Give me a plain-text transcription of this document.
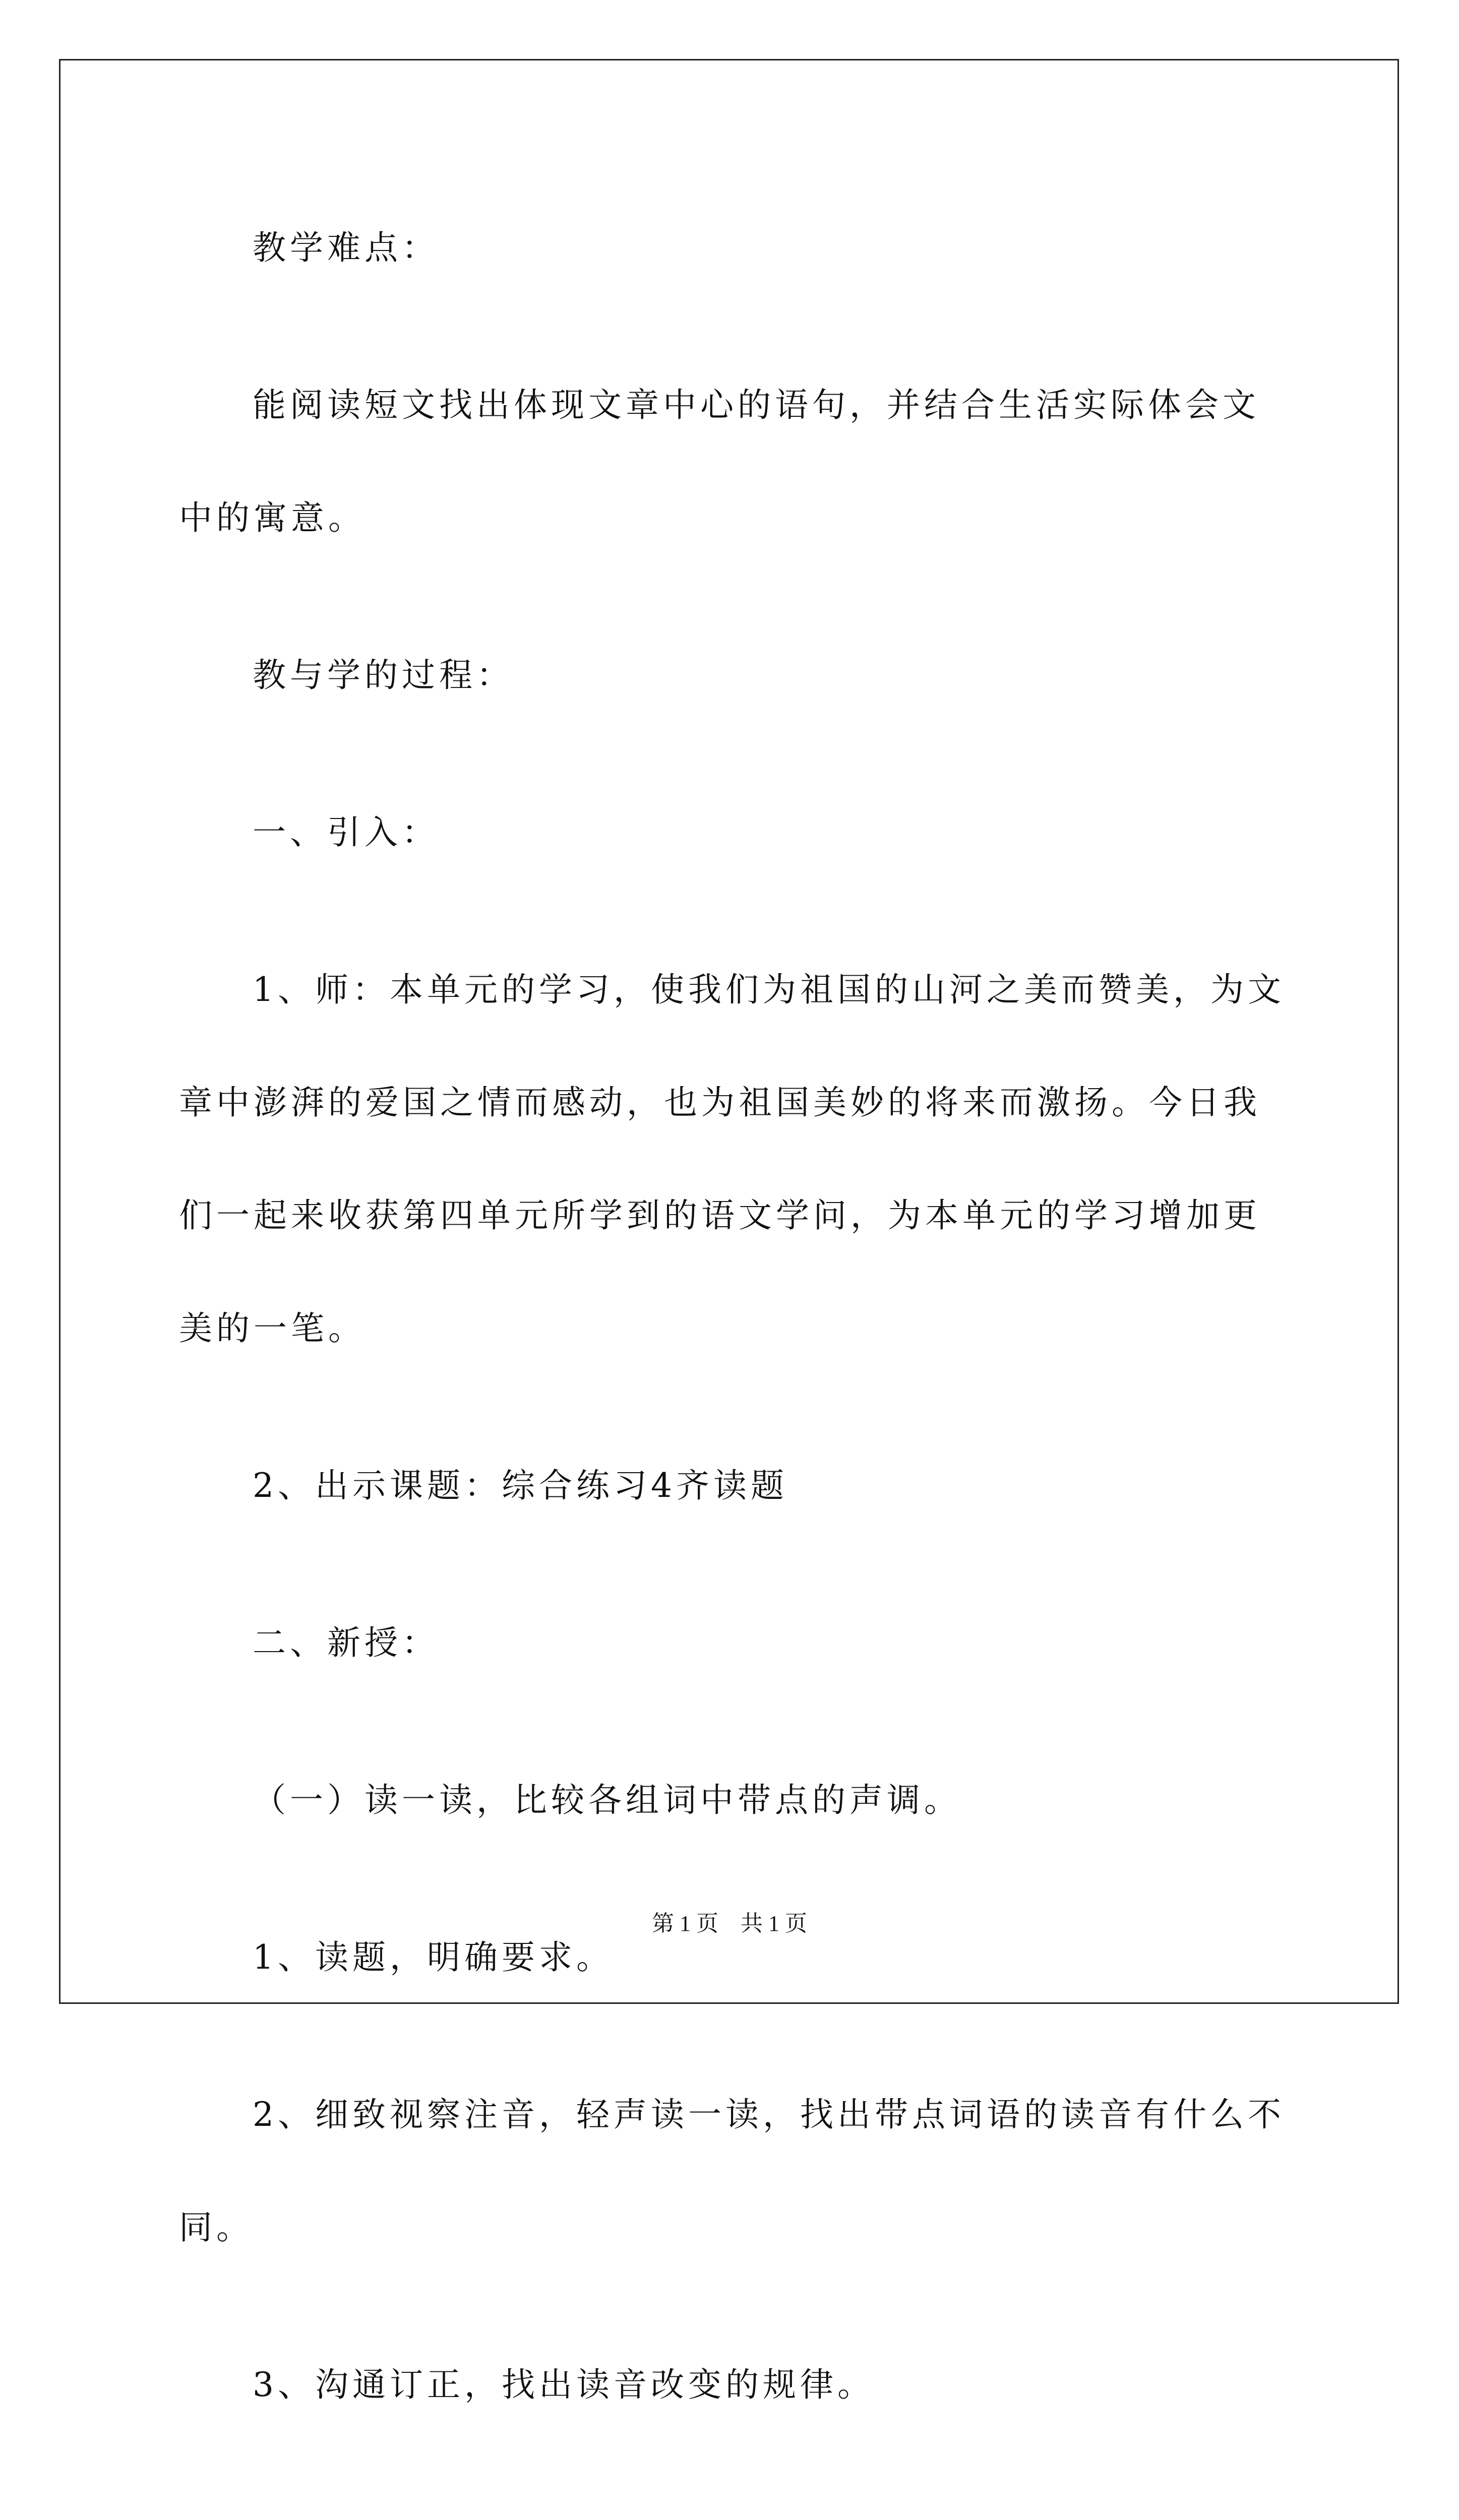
教学难点：

能阅读短文找出体现文章中心的语句，并结合生活实际体会文中的寓意。

教与学的过程：

一、引入：

1、师：本单元的学习，使我们为祖国的山河之美而赞美，为文章中澎湃的爱国之情而感动，也为祖国美妙的将来而激扬。今日我们一起来收获第四单元所学到的语文学问，为本单元的学习增加更美的一笔。

2、出示课题：综合练习4齐读题

二、新授：

（一）读一读，比较各组词中带点的声调。

1、读题，明确要求。

2、细致视察注音，轻声读一读，找出带点词语的读音有什么不同。

3、沟通订正，找出读音改变的规律。

第 1 页　共 1 页
